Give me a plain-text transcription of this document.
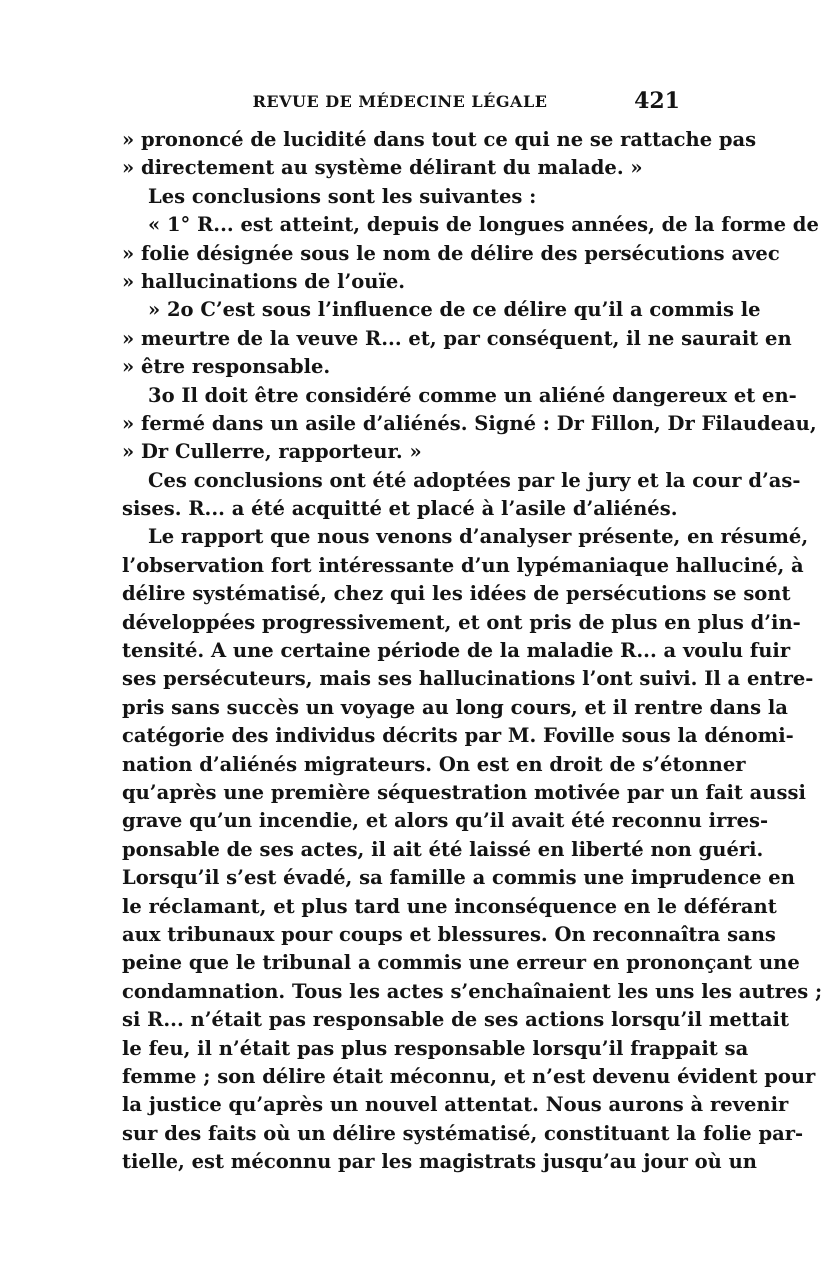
REVUE DE MÉDECINE LÉGALE	421
» prononcé de lucidité dans tout ce qui ne se rattache pas
» directement au système délirant du malade. »
Les conclusions sont les suivantes :
« 1° R... est atteint, depuis de longues années, de la forme de
» folie désignée sous le nom de délire des persécutions avec
» hallucinations de l’ouïe.
» 2o C’est sous l’influence de ce délire qu’il a commis le
» meurtre de la veuve R... et, par conséquent, il ne saurait en
» être responsable.
3o Il doit être considéré comme un aliéné dangereux et en-
» fermé dans un asile d’aliénés. Signé : Dr Fillon, Dr Filaudeau,
» Dr Cullerre, rapporteur. »
Ces conclusions ont été adoptées par le jury et la cour d’as-
sises. R... a été acquitté et placé à l’asile d’aliénés.
Le rapport que nous venons d’analyser présente, en résumé,
l’observation fort intéressante d’un lypémaniaque halluciné, à
délire systématisé, chez qui les idées de persécutions se sont
développées progressivement, et ont pris de plus en plus d’in-
tensité. A une certaine période de la maladie R... a voulu fuir
ses persécuteurs, mais ses hallucinations l’ont suivi. Il a entre-
pris sans succès un voyage au long cours, et il rentre dans la
catégorie des individus décrits par M. Foville sous la dénomi-
nation d’aliénés migrateurs. On est en droit de s’étonner
qu’après une première séquestration motivée par un fait aussi
grave qu’un incendie, et alors qu’il avait été reconnu irres-
ponsable de ses actes, il ait été laissé en liberté non guéri.
Lorsqu’il s’est évadé, sa famille a commis une imprudence en
le réclamant, et plus tard une inconséquence en le déférant
aux tribunaux pour coups et blessures. On reconnaîtra sans
peine que le tribunal a commis une erreur en prononçant une
condamnation. Tous les actes s’enchaînaient les uns les autres ;
si R... n’était pas responsable de ses actions lorsqu’il mettait
le feu, il n’était pas plus responsable lorsqu’il frappait sa
femme ; son délire était méconnu, et n’est devenu évident pour
la justice qu’après un nouvel attentat. Nous aurons à revenir
sur des faits où un délire systématisé, constituant la folie par-
tielle, est méconnu par les magistrats jusqu’au jour où un
